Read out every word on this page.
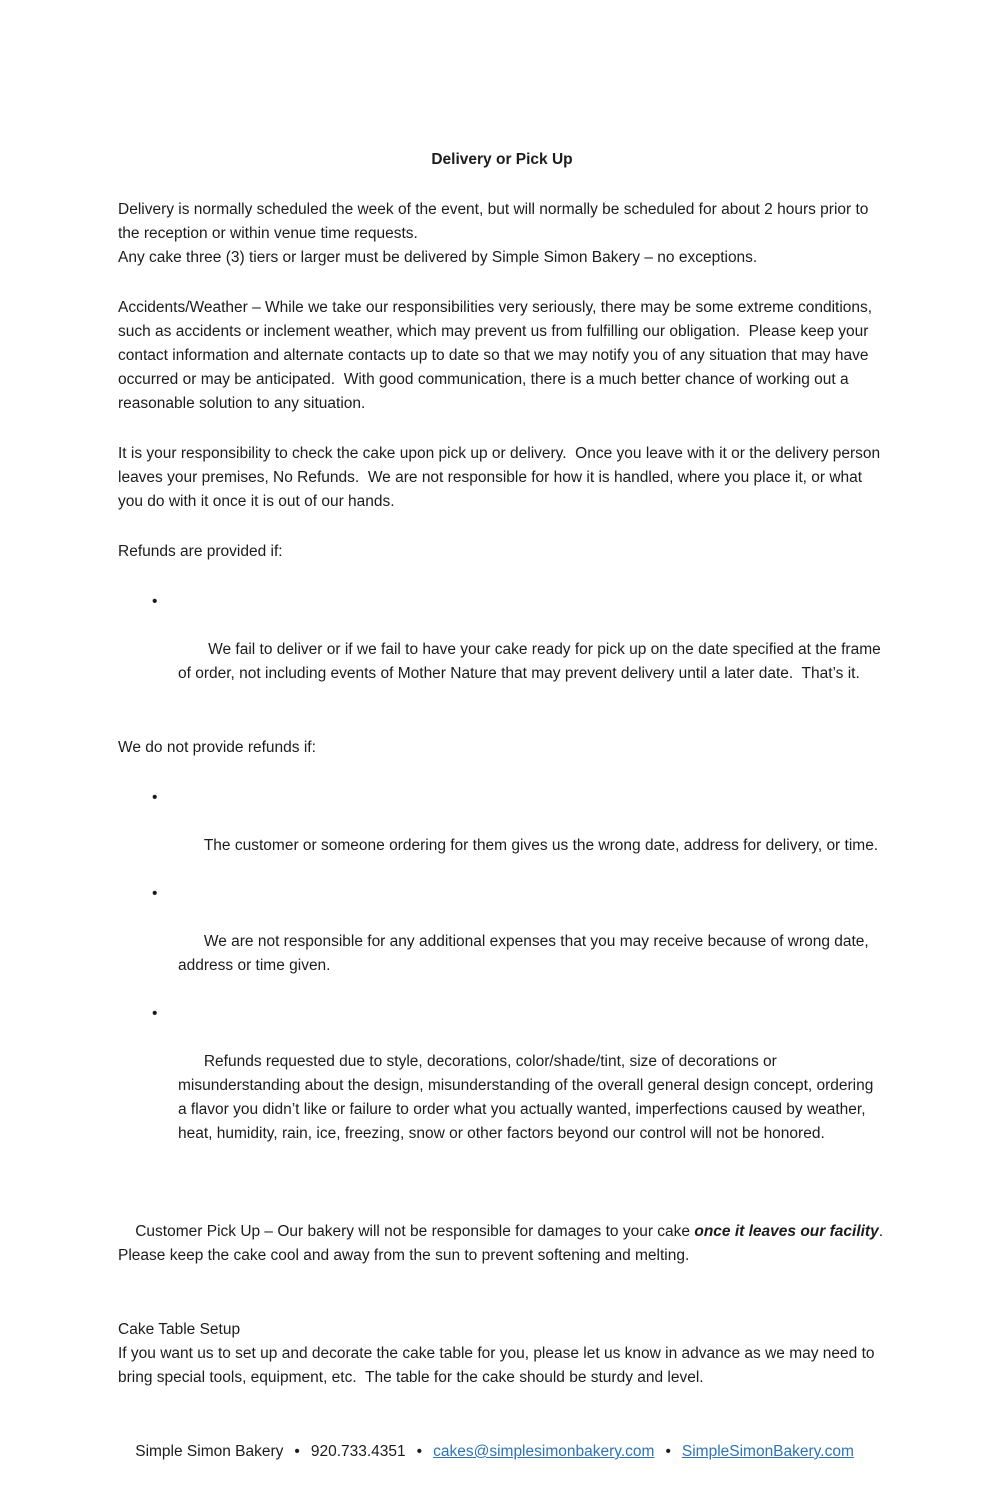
Delivery or Pick Up

Delivery is normally scheduled the week of the event, but will normally be scheduled for about 2 hours prior to the reception or within venue time requests.

Any cake three (3) tiers or larger must be delivered by Simple Simon Bakery – no exceptions.

Accidents/Weather – While we take our responsibilities very seriously, there may be some extreme conditions, such as accidents or inclement weather, which may prevent us from fulfilling our obligation.  Please keep your contact information and alternate contacts up to date so that we may notify you of any situation that may have occurred or may be anticipated.  With good communication, there is a much better chance of working out a reasonable solution to any situation.

It is your responsibility to check the cake upon pick up or delivery.  Once you leave with it or the delivery person leaves your premises, No Refunds.  We are not responsible for how it is handled, where you place it, or what you do with it once it is out of our hands.

Refunds are provided if:

•

We fail to deliver or if we fail to have your cake ready for pick up on the date specified at the frame of order, not including events of Mother Nature that may prevent delivery until a later date.  That’s it.

We do not provide refunds if:

•

The customer or someone ordering for them gives us the wrong date, address for delivery, or time.

•

We are not responsible for any additional expenses that you may receive because of wrong date, address or time given.

•

Refunds requested due to style, decorations, color/shade/tint, size of decorations or misunderstanding about the design, misunderstanding of the overall general design concept, ordering a flavor you didn’t like or failure to order what you actually wanted, imperfections caused by weather, heat, humidity, rain, ice, freezing, snow or other factors beyond our control will not be honored.

Customer Pick Up – Our bakery will not be responsible for damages to your cake once it leaves our facility.  Please keep the cake cool and away from the sun to prevent softening and melting.

Cake Table Setup

If you want us to set up and decorate the cake table for you, please let us know in advance as we may need to bring special tools, equipment, etc.  The table for the cake should be sturdy and level.

Simple Simon Bakery • 920.733.4351 • cakes@simplesimonbakery.com • SimpleSimonBakery.com
